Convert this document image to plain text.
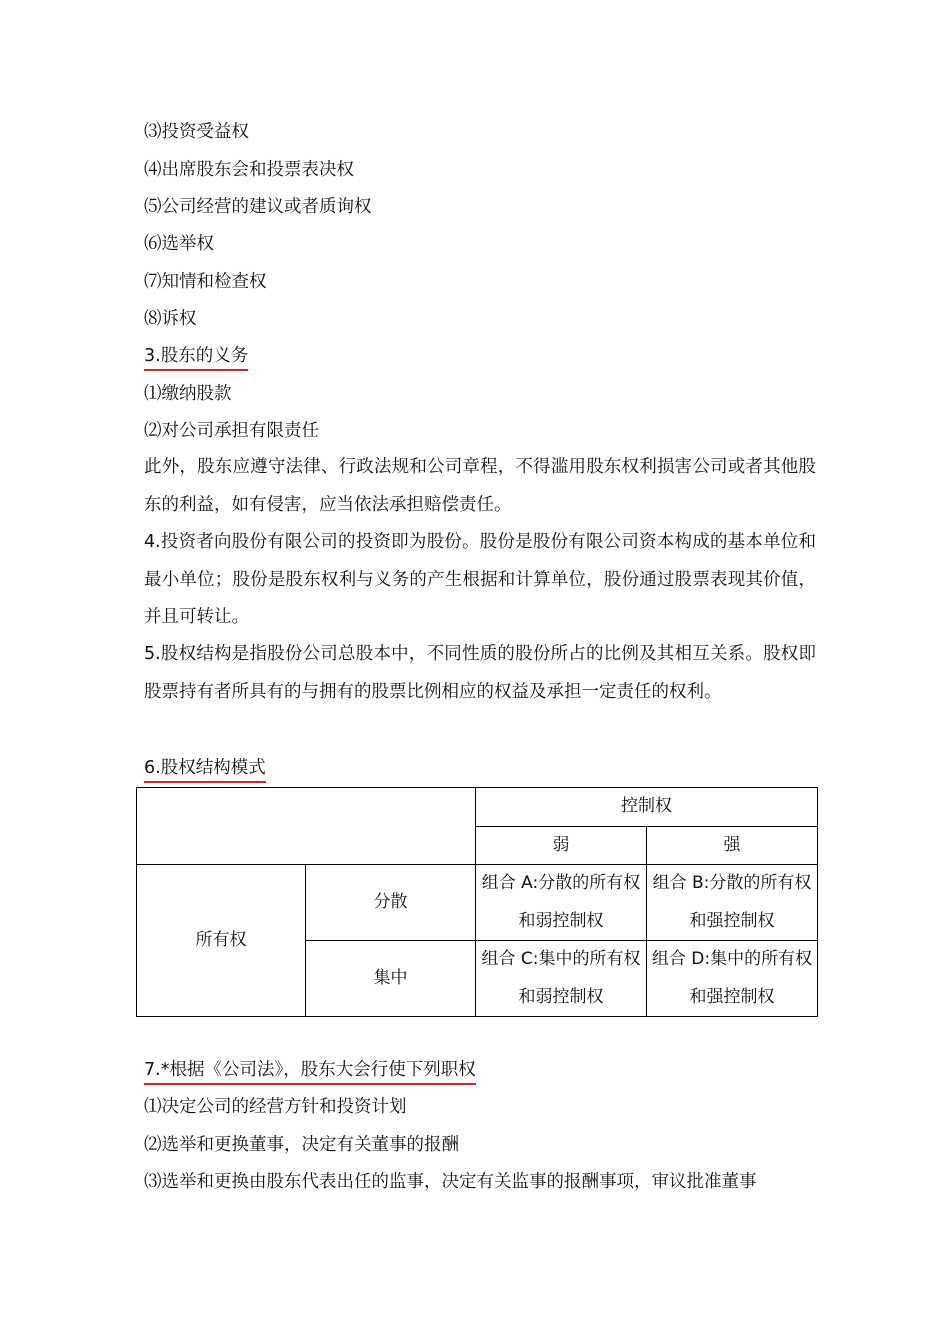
⑶投资受益权
⑷出席股东会和投票表决权
⑸公司经营的建议或者质询权
⑹选举权
⑺知情和检查权
⑻诉权
3.股东的义务
⑴缴纳股款
⑵对公司承担有限责任
此外，股东应遵守法律、行政法规和公司章程，不得滥用股东权利损害公司或者其他股东的利益，如有侵害，应当依法承担赔偿责任。
4.投资者向股份有限公司的投资即为股份。股份是股份有限公司资本构成的基本单位和最小单位；股份是股东权利与义务的产生根据和计算单位，股份通过股票表现其价值，并且可转让。
5.股权结构是指股份公司总股本中，不同性质的股份所占的比例及其相互关系。股权即股票持有者所具有的与拥有的股票比例相应的权益及承担一定责任的权利。
6.股权结构模式
		控制权	
		弱	强
所有权	分散	组合 A:分散的所有权和弱控制权	组合 B:分散的所有权和强控制权
	集中	组合 C:集中的所有权和弱控制权	组合 D:集中的所有权和强控制权
7.*根据《公司法》，股东大会行使下列职权
⑴决定公司的经营方针和投资计划
⑵选举和更换董事，决定有关董事的报酬
⑶选举和更换由股东代表出任的监事，决定有关监事的报酬事项，审议批准董事
